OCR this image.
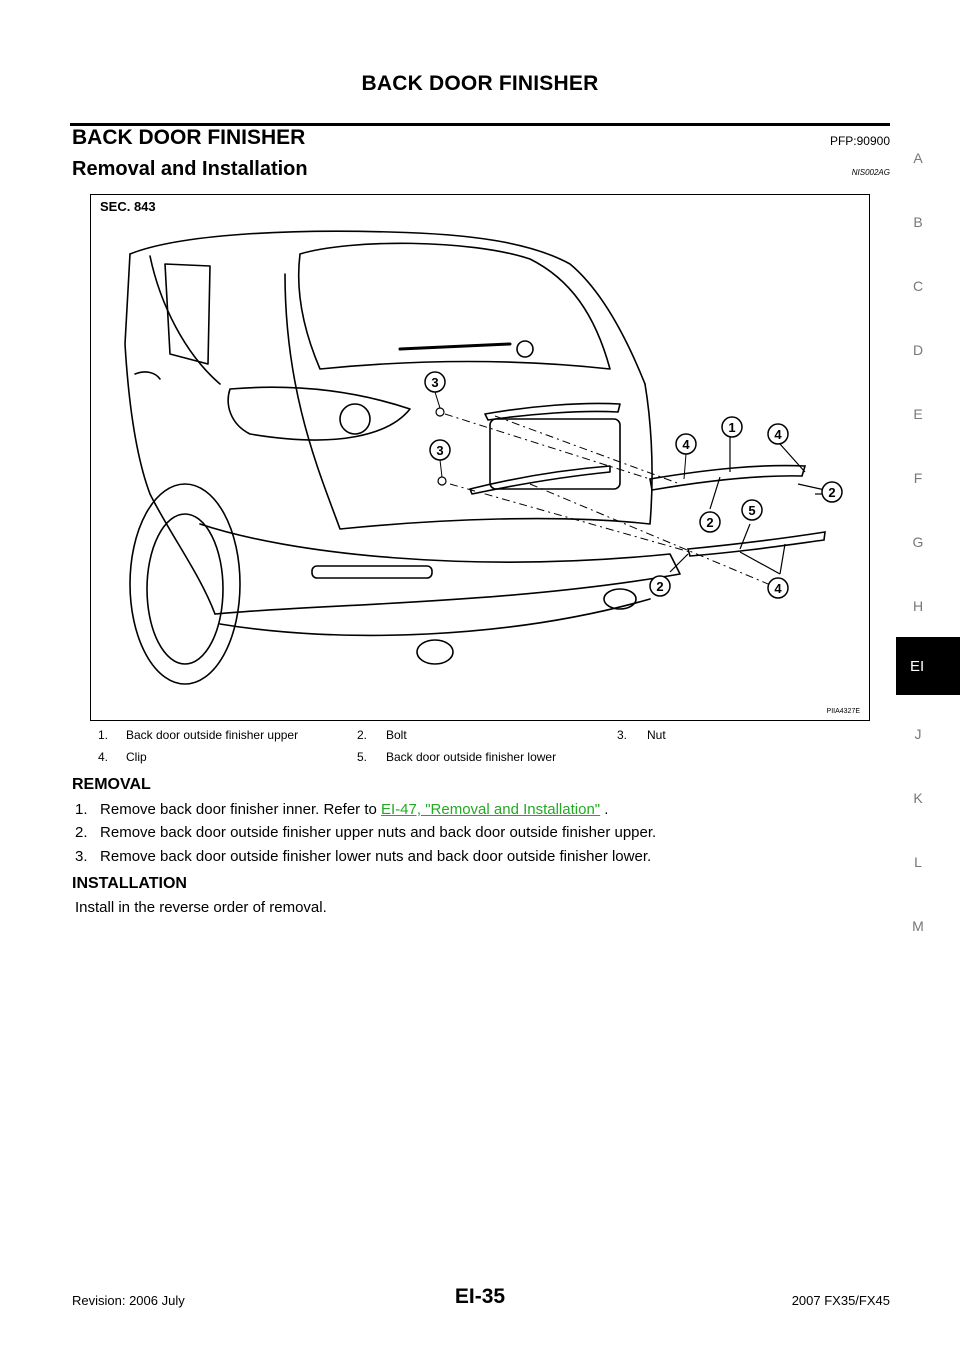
BACK DOOR FINISHER
BACK DOOR FINISHER	PFP:90900
Removal and Installation	NIS002AG
SEC. 843
3
3
1
4
4
2
2
5
2	4
PIIA4327E
1. Back door outside finisher upper	2. Bolt	3. Nut
4. Clip	5. Back door outside finisher lower
REMOVAL
1. Remove back door finisher inner. Refer to EI-47, "Removal and Installation" .
2. Remove back door outside finisher upper nuts and back door outside finisher upper.
3. Remove back door outside finisher lower nuts and back door outside finisher lower.
INSTALLATION
Install in the reverse order of removal.
A
B
C
D
E
F
G
H
EI
J
K
L
M
Revision: 2006 July	EI-35	2007 FX35/FX45
